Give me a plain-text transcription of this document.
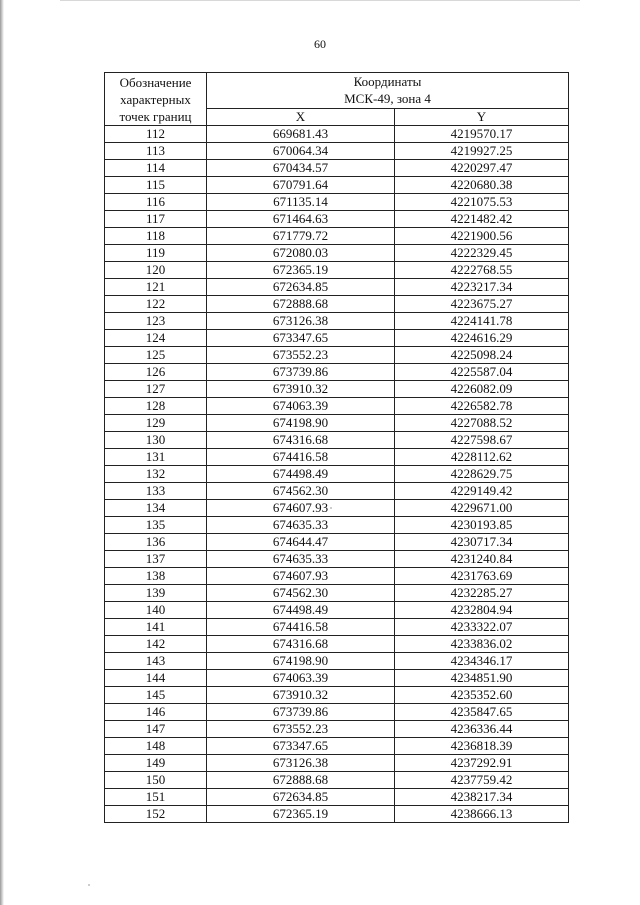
60
Обозначение
характерных
точек границ	Координаты
МСК-49, зона 4	

	X	Y
112	669681.43	4219570.17
113	670064.34	4219927.25
114	670434.57	4220297.47
115	670791.64	4220680.38
116	671135.14	4221075.53
117	671464.63	4221482.42
118	671779.72	4221900.56
119	672080.03	4222329.45
120	672365.19	4222768.55
121	672634.85	4223217.34
122	672888.68	4223675.27
123	673126.38	4224141.78
124	673347.65	4224616.29
125	673552.23	4225098.24
126	673739.86	4225587.04
127	673910.32	4226082.09
128	674063.39	4226582.78
129	674198.90	4227088.52
130	674316.68	4227598.67
131	674416.58	4228112.62
132	674498.49	4228629.75
133	674562.30	4229149.42
134	674607.93	4229671.00
135	674635.33	4230193.85
136	674644.47	4230717.34
137	674635.33	4231240.84
138	674607.93	4231763.69
139	674562.30	4232285.27
140	674498.49	4232804.94
141	674416.58	4233322.07
142	674316.68	4233836.02
143	674198.90	4234346.17
144	674063.39	4234851.90
145	673910.32	4235352.60
146	673739.86	4235847.65
147	673552.23	4236336.44
148	673347.65	4236818.39
149	673126.38	4237292.91
150	672888.68	4237759.42
151	672634.85	4238217.34
152	672365.19	4238666.13
